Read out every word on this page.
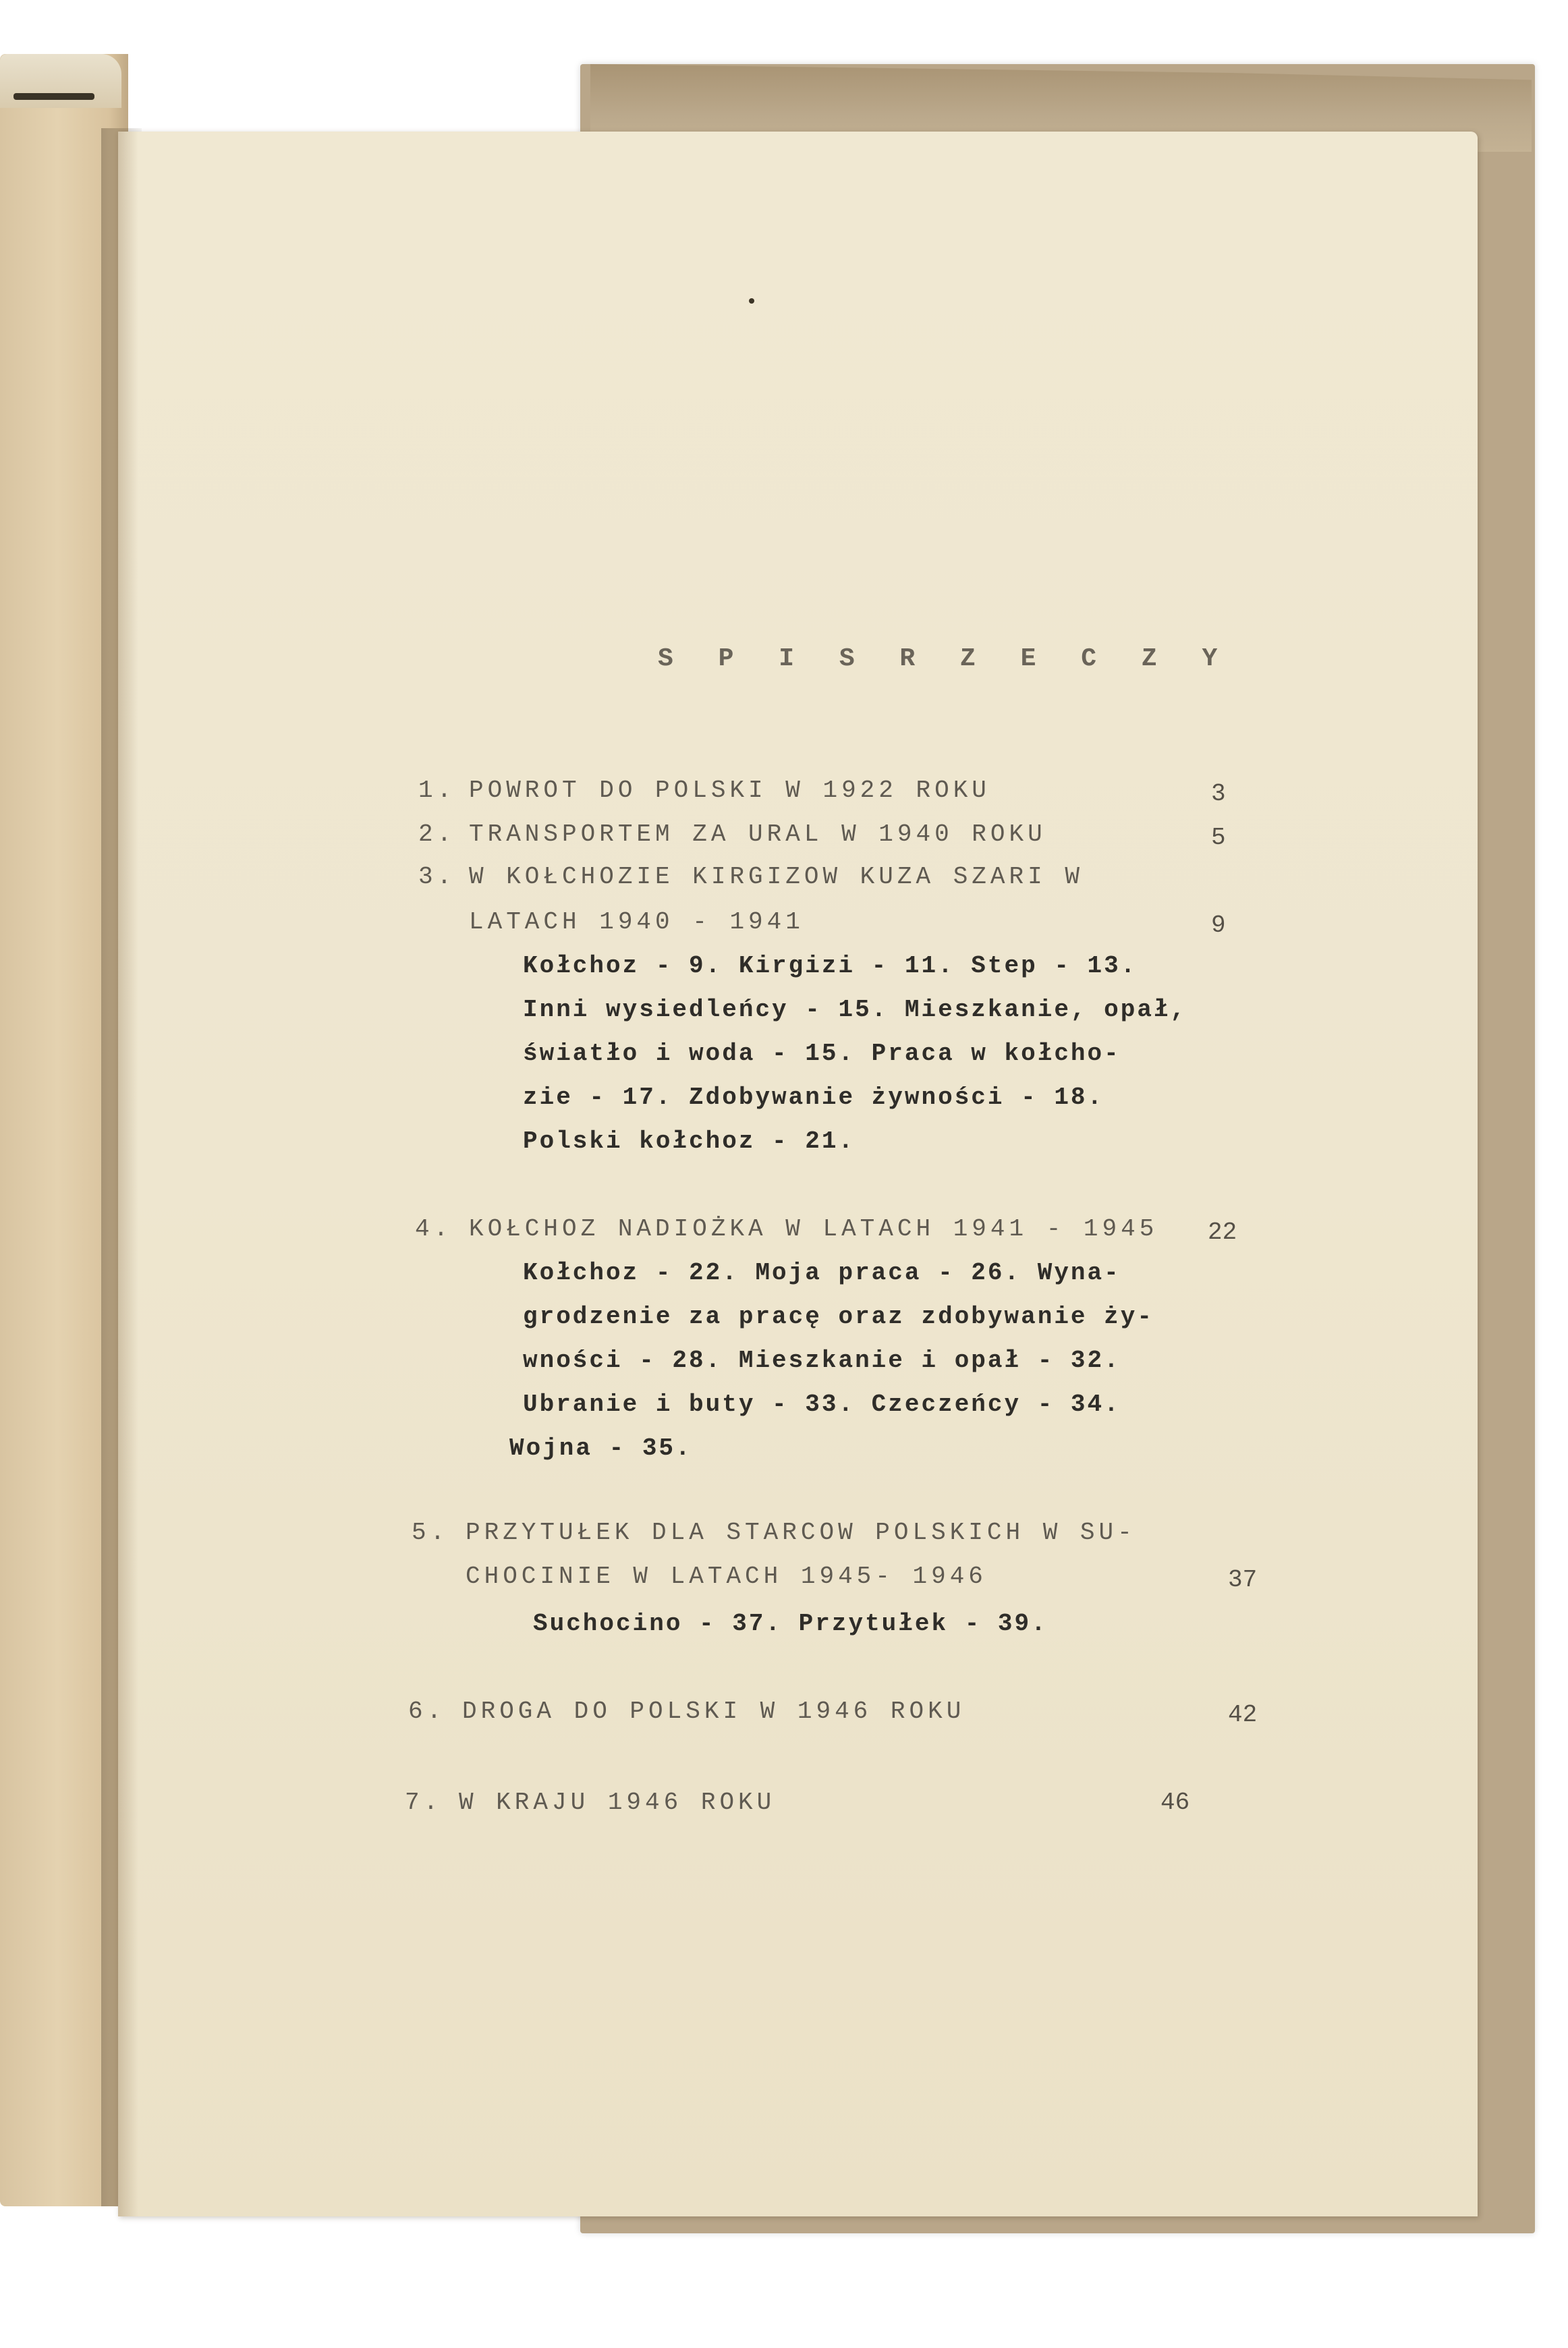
S P I S R Z E C Z Y
1. POWROT DO POLSKI W 1922 ROKU	3
2. TRANSPORTEM ZA URAL W 1940 ROKU	5
3. W KOŁCHOZIE KIRGIZOW KUZA SZARI W
LATACH 1940 - 1941	9
Kołchoz - 9. Kirgizi - 11. Step - 13.
Inni wysiedleńcy - 15. Mieszkanie, opał,
światło i woda - 15. Praca w kołcho-
zie - 17. Zdobywanie żywności - 18.
Polski kołchoz - 21.
4. KOŁCHOZ NADIOŻKA W LATACH 1941 - 1945 22
Kołchoz - 22. Moja praca - 26. Wyna-
grodzenie za pracę oraz zdobywanie ży-
wności - 28. Mieszkanie i opał - 32.
Ubranie i buty - 33. Czeczeńcy - 34.
Wojna - 35.
5. PRZYTUŁEK DLA STARCOW POLSKICH W SU-
CHOCINIE W LATACH 1945- 1946	37
Suchocino - 37. Przytułek - 39.
6. DROGA DO POLSKI W 1946 ROKU	42
7. W KRAJU 1946 ROKU	46
